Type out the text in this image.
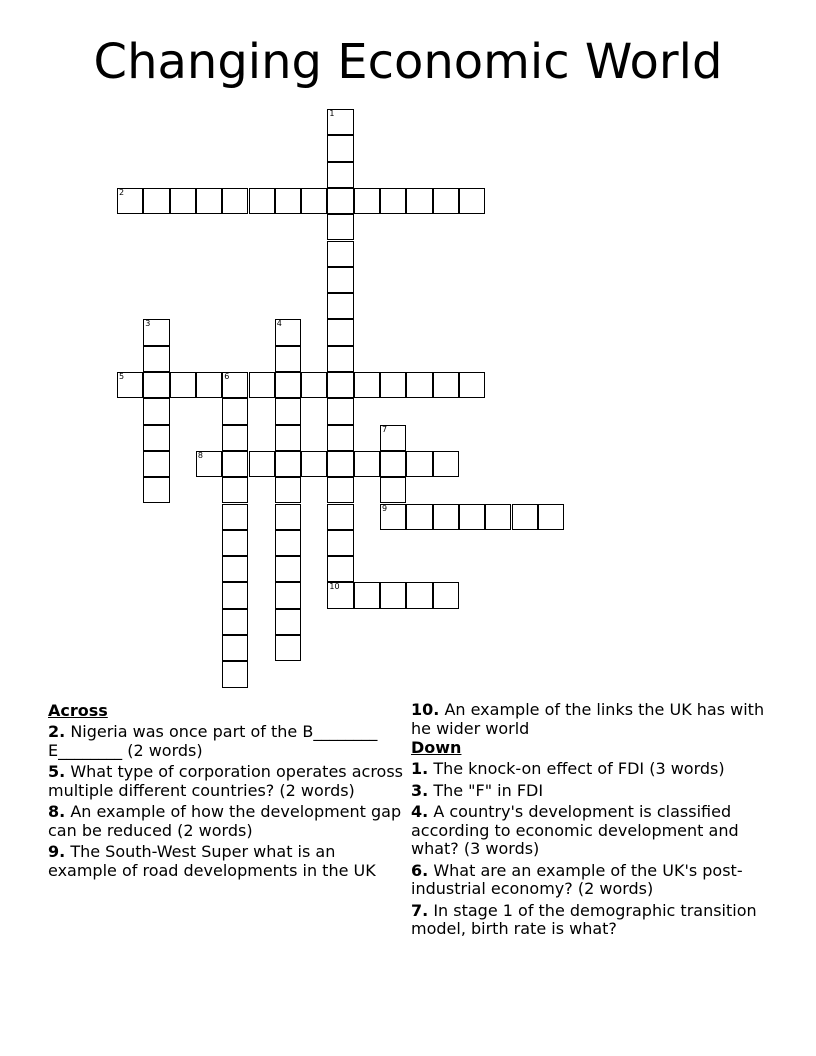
Changing Economic World
1
10
2
3	4
5	6
7
8
9
Across
2. Nigeria was once part of the B________ E________ (2 words)
5. What type of corporation operates across multiple different countries? (2 words)
8. An example of how the development gap can be reduced (2 words)
9. The South-West Super what is an example of road developments in the UK
10. An example of the links the UK has with he wider world
Down
1. The knock-on effect of FDI (3 words)
3. The "F" in FDI
4. A country's development is classified according to economic development and what? (3 words)
6. What are an example of the UK's post-industrial economy? (2 words)
7. In stage 1 of the demographic transition model, birth rate is what?
